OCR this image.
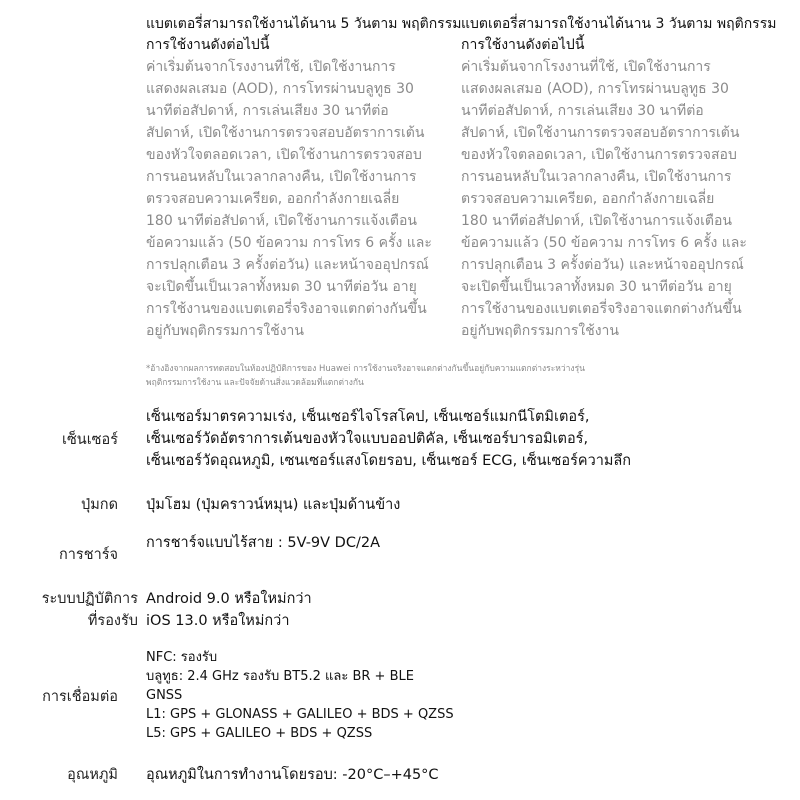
แบตเตอรี่สามารถใช้งานได้นาน 5 วันตาม พฤติกรรมการใช้งานดังต่อไปนี้
ค่าเริ่มต้นจากโรงงานที่ใช้, เปิดใช้งานการ
แสดงผลเสมอ (AOD), การโทรผ่านบลูทูธ 30
นาทีต่อสัปดาห์, การเล่นเสียง 30 นาทีต่อ
สัปดาห์, เปิดใช้งานการตรวจสอบอัตราการเต้น
ของหัวใจตลอดเวลา, เปิดใช้งานการตรวจสอบ
การนอนหลับในเวลากลางคืน, เปิดใช้งานการ
ตรวจสอบความเครียด, ออกกำลังกายเฉลี่ย
180 นาทีต่อสัปดาห์, เปิดใช้งานการแจ้งเตือน
ข้อความแล้ว (50 ข้อความ การโทร 6 ครั้ง และ
การปลุกเตือน 3 ครั้งต่อวัน) และหน้าจออุปกรณ์
จะเปิดขึ้นเป็นเวลาทั้งหมด 30 นาทีต่อวัน อายุ
การใช้งานของแบตเตอรี่จริงอาจแตกต่างกันขึ้น
อยู่กับพฤติกรรมการใช้งาน
แบตเตอรี่สามารถใช้งานได้นาน 3 วันตาม พฤติกรรมการใช้งานดังต่อไปนี้
ค่าเริ่มต้นจากโรงงานที่ใช้, เปิดใช้งานการ
แสดงผลเสมอ (AOD), การโทรผ่านบลูทูธ 30
นาทีต่อสัปดาห์, การเล่นเสียง 30 นาทีต่อ
สัปดาห์, เปิดใช้งานการตรวจสอบอัตราการเต้น
ของหัวใจตลอดเวลา, เปิดใช้งานการตรวจสอบ
การนอนหลับในเวลากลางคืน, เปิดใช้งานการ
ตรวจสอบความเครียด, ออกกำลังกายเฉลี่ย
180 นาทีต่อสัปดาห์, เปิดใช้งานการแจ้งเตือน
ข้อความแล้ว (50 ข้อความ การโทร 6 ครั้ง และ
การปลุกเตือน 3 ครั้งต่อวัน) และหน้าจออุปกรณ์
จะเปิดขึ้นเป็นเวลาทั้งหมด 30 นาทีต่อวัน อายุ
การใช้งานของแบตเตอรี่จริงอาจแตกต่างกันขึ้น
อยู่กับพฤติกรรมการใช้งาน
*อ้างอิงจากผลการทดสอบในห้องปฏิบัติการของ Huawei การใช้งานจริงอาจแตกต่างกันขึ้นอยู่กับความแตกต่างระหว่างรุ่น
พฤติกรรมการใช้งาน และปัจจัยด้านสิ่งแวดล้อมที่แตกต่างกัน
เซ็นเซอร์
เซ็นเซอร์มาตรความเร่ง, เซ็นเซอร์ไจโรสโคป, เซ็นเซอร์แมกนีโตมิเตอร์,
เซ็นเซอร์วัดอัตราการเต้นของหัวใจแบบออปติคัล, เซ็นเซอร์บารอมิเตอร์,
เซ็นเซอร์วัดอุณหภูมิ, เซนเซอร์แสงโดยรอบ, เซ็นเซอร์ ECG, เซ็นเซอร์ความลึก
ปุ่มกด ปุ่มโฮม (ปุ่มคราวน์หมุน) และปุ่มด้านข้าง
การชาร์จ
การชาร์จแบบไร้สาย : 5V-9V DC/2A
ระบบปฏิบัติการ
ที่รองรับ
Android 9.0 หรือใหม่กว่า
iOS 13.0 หรือใหม่กว่า
การเชื่อมต่อ
NFC: รองรับ
บลูทูธ: 2.4 GHz รองรับ BT5.2 และ BR + BLE
GNSS
L1: GPS + GLONASS + GALILEO + BDS + QZSS
L5: GPS + GALILEO + BDS + QZSS
อุณหภูมิ อุณหภูมิในการทำงานโดยรอบ: -20°C–+45°C
